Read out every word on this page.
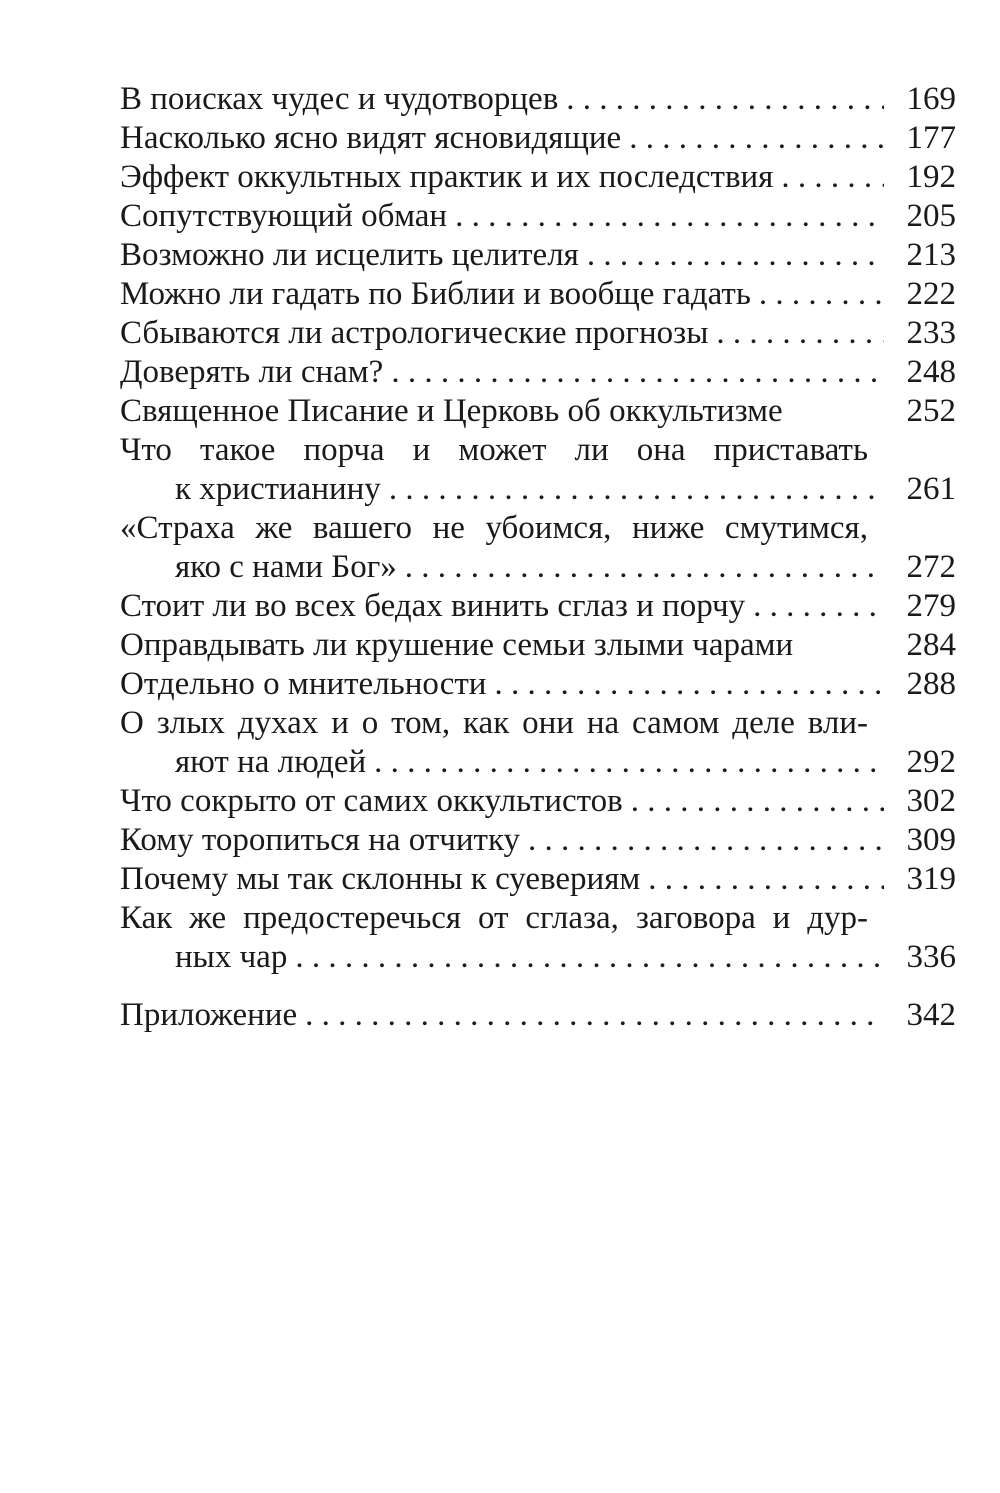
В поисках чудес и чудотворцев . . .	169
Насколько ясно видят ясновидящие . . .	177
Эффект оккультных практик и их последствия . . .	192
Сопутствующий обман . . .	205
Возможно ли исцелить целителя . . .	213
Можно ли гадать по Библии и вообще гадать . . .	222
Сбываются ли астрологические прогнозы . . .	233
Доверять ли снам? . . .	248
Священное Писание и Церковь об оккультизме	252
Что такое порча и может ли она приставать
к христианину . . .	261
«Страха же вашего не убоимся, ниже смутимся,
яко с нами Бог» . . .	272
Стоит ли во всех бедах винить сглаз и порчу . . .	279
Оправдывать ли крушение семьи злыми чарами	284
Отдельно о мнительности . . .	288
О злых духах и о том, как они на самом деле вли-
яют на людей . . .	292
Что сокрыто от самих оккультистов . . .	302
Кому торопиться на отчитку . . .	309
Почему мы так склонны к суевериям . . .	319
Как же предостеречься от сглаза, заговора и дур-
ных чар . . .	336
Приложение . . .	342
